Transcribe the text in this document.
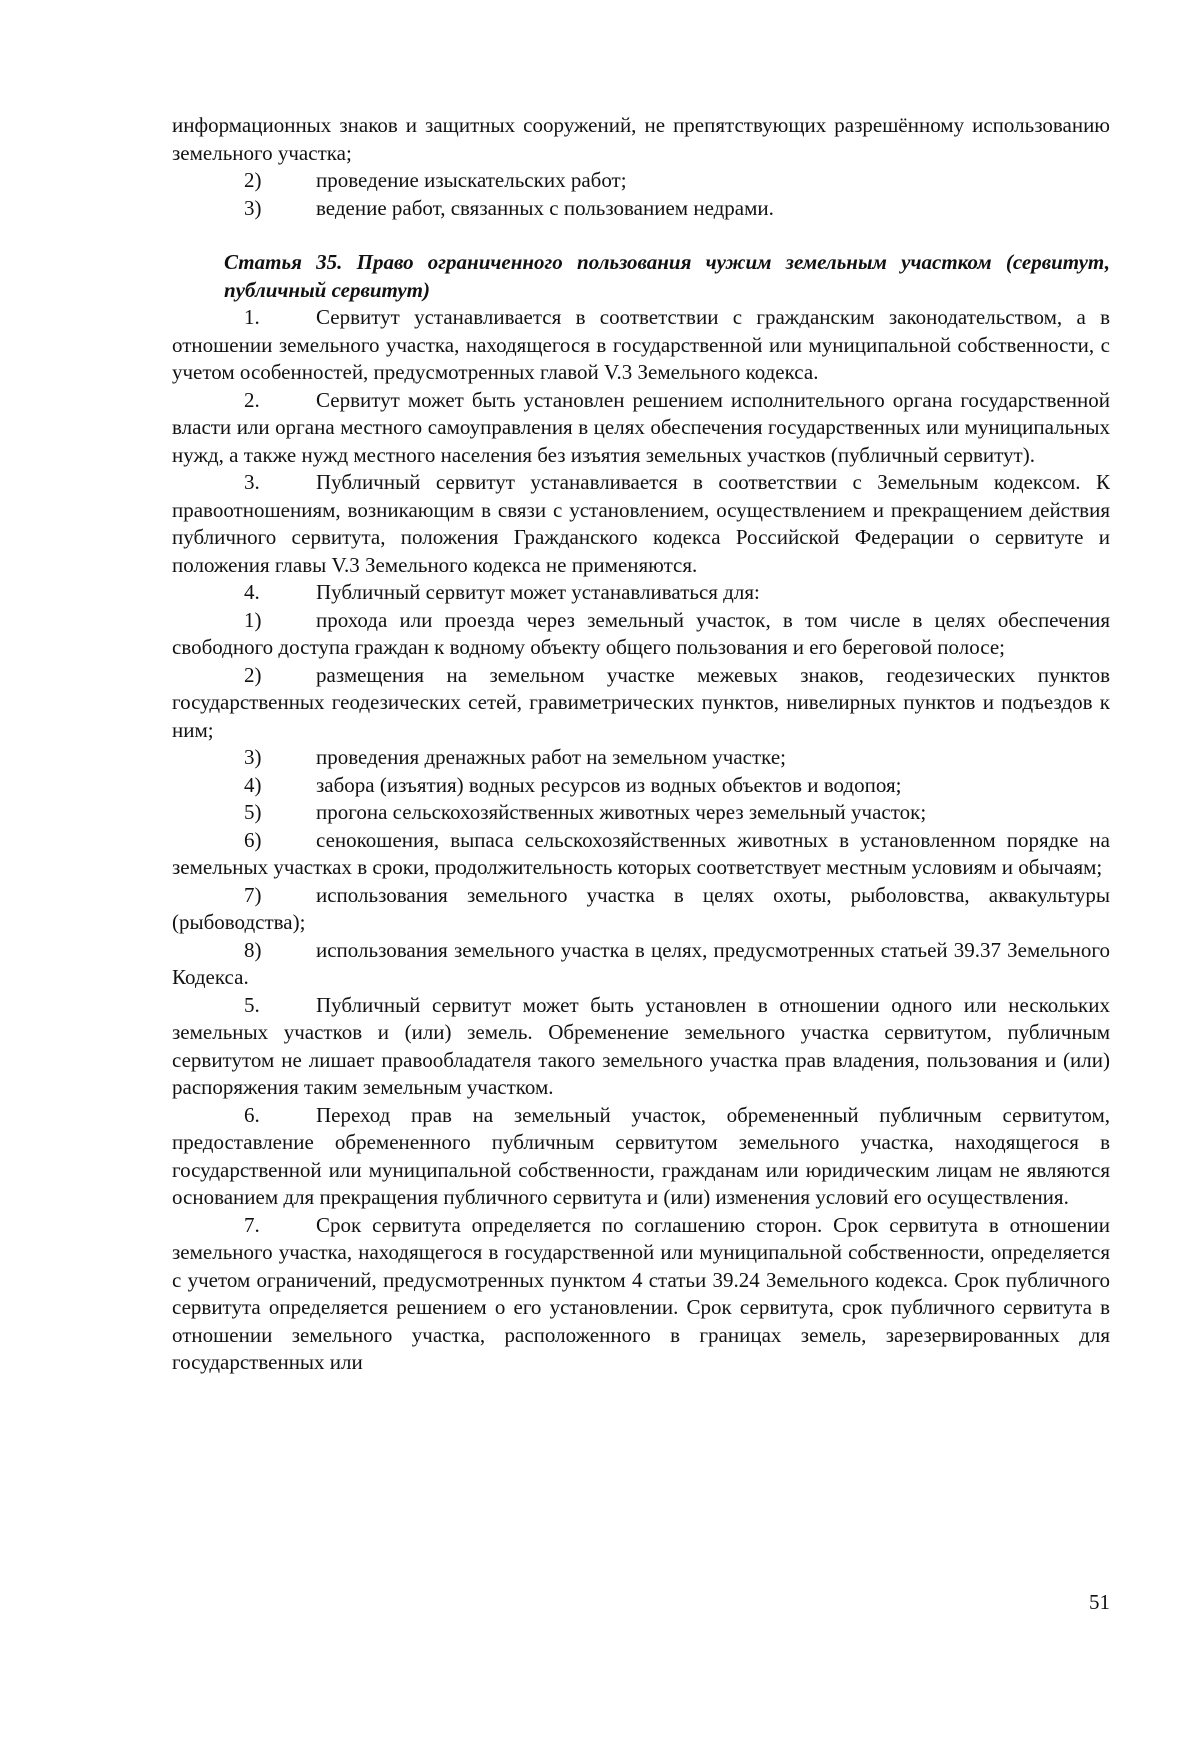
информационных знаков и защитных сооружений, не препятствующих разрешённому использованию земельного участка;

2)	проведение изыскательских работ;
3)	ведение работ, связанных с пользованием недрами.

Статья 35. Право ограниченного пользования чужим земельным участком (сервитут, публичный сервитут)

1.	Сервитут устанавливается в соответствии с гражданским законодательством, а в отношении земельного участка, находящегося в государственной или муниципальной собственности, с учетом особенностей, предусмотренных главой V.3 Земельного кодекса.

2.	Сервитут может быть установлен решением исполнительного органа государственной власти или органа местного самоуправления в целях обеспечения государственных или муниципальных нужд, а также нужд местного населения без изъятия земельных участков (публичный сервитут).

3.	Публичный сервитут устанавливается в соответствии с Земельным кодексом. К правоотношениям, возникающим в связи с установлением, осуществлением и прекращением действия публичного сервитута, положения Гражданского кодекса Российской Федерации о сервитуте и положения главы V.3 Земельного кодекса не применяются.

4.	Публичный сервитут может устанавливаться для:

1)	прохода или проезда через земельный участок, в том числе в целях обеспечения свободного доступа граждан к водному объекту общего пользования и его береговой полосе;

2)	размещения на земельном участке межевых знаков, геодезических пунктов государственных геодезических сетей, гравиметрических пунктов, нивелирных пунктов и подъездов к ним;

3)	проведения дренажных работ на земельном участке;

4)	забора (изъятия) водных ресурсов из водных объектов и водопоя;

5)	прогона сельскохозяйственных животных через земельный участок;

6)	сенокошения, выпаса сельскохозяйственных животных в установленном порядке на земельных участках в сроки, продолжительность которых соответствует местным условиям и обычаям;

7)	использования земельного участка в целях охоты, рыболовства, аквакультуры (рыбоводства);

8)	использования земельного участка в целях, предусмотренных статьей 39.37 Земельного Кодекса.

5.	Публичный сервитут может быть установлен в отношении одного или нескольких земельных участков и (или) земель. Обременение земельного участка сервитутом, публичным сервитутом не лишает правообладателя такого земельного участка прав владения, пользования и (или) распоряжения таким земельным участком.

6.	Переход прав на земельный участок, обремененный публичным сервитутом, предоставление обремененного публичным сервитутом земельного участка, находящегося в государственной или муниципальной собственности, гражданам или юридическим лицам не являются основанием для прекращения публичного сервитута и (или) изменения условий его осуществления.

7.	Срок сервитута определяется по соглашению сторон. Срок сервитута в отношении земельного участка, находящегося в государственной или муниципальной собственности, определяется с учетом ограничений, предусмотренных пунктом 4 статьи 39.24 Земельного кодекса. Срок публичного сервитута определяется решением о его установлении. Срок сервитута, срок публичного сервитута в отношении земельного участка, расположенного в границах земель, зарезервированных для государственных или

51
